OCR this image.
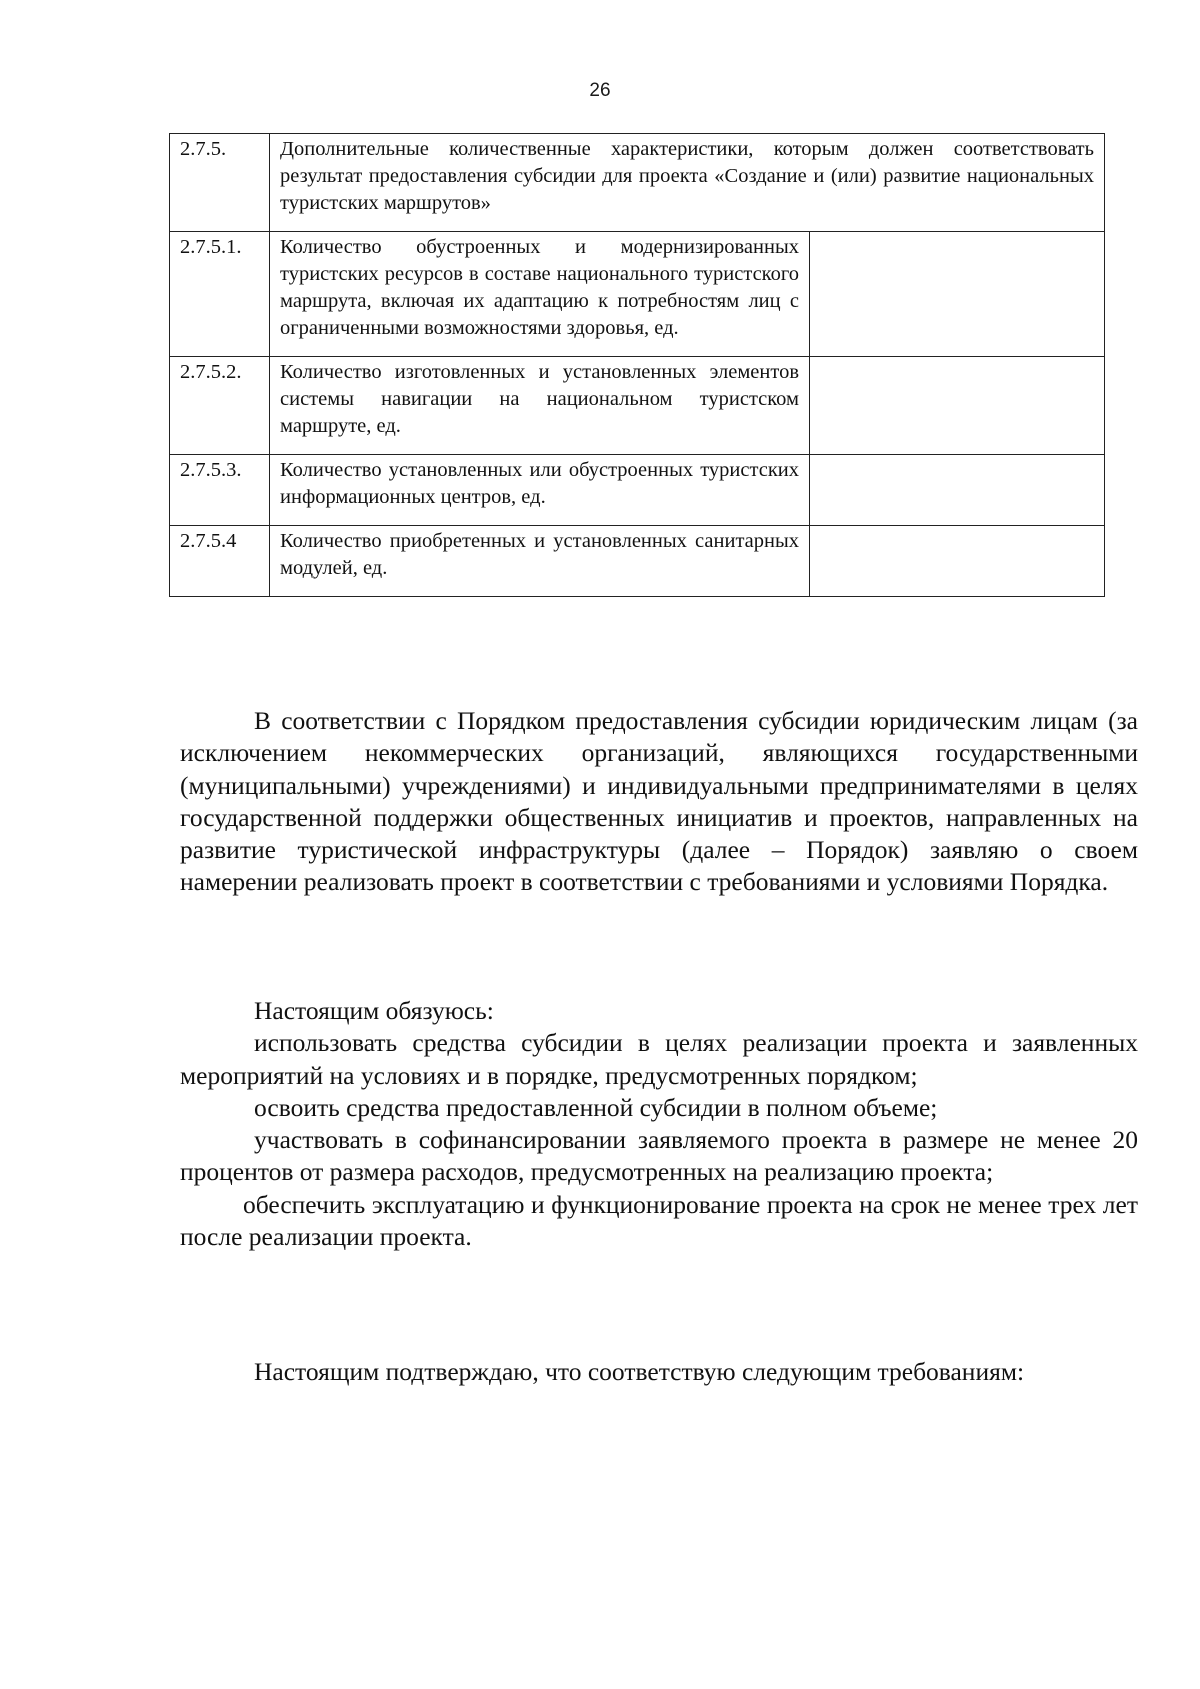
26
2.7.5.	Дополнительные количественные характеристики, которым должен соответствовать результат предоставления субсидии для проекта «Создание и (или) развитие национальных туристских маршрутов»	
2.7.5.1.	Количество обустроенных и модернизированных туристских ресурсов в составе национального туристского маршрута, включая их адаптацию к потребностям лиц с ограниченными возможностями здоровья, ед.	
2.7.5.2.	Количество изготовленных и установленных элементов системы навигации на национальном туристском маршруте, ед.	
2.7.5.3.	Количество установленных или обустроенных туристских информационных центров, ед.	
2.7.5.4	Количество приобретенных и установленных санитарных модулей, ед.	

В соответствии с Порядком предоставления субсидии юридическим лицам (за исключением некоммерческих организаций, являющихся государственными (муниципальными) учреждениями) и индивидуальными предпринимателями в целях государственной поддержки общественных инициатив и проектов, направленных на развитие туристической инфраструктуры (далее – Порядок) заявляю о своем намерении реализовать проект в соответствии с требованиями и условиями Порядка.

Настоящим обязуюсь:

использовать средства субсидии в целях реализации проекта и заявленных мероприятий на условиях и в порядке, предусмотренных порядком;

освоить средства предоставленной субсидии в полном объеме;

участвовать в софинансировании заявляемого проекта в размере не менее 20 процентов от размера расходов, предусмотренных на реализацию проекта;

обеспечить эксплуатацию и функционирование проекта на срок не менее трех лет после реализации проекта.

Настоящим подтверждаю, что соответствую следующим требованиям:
